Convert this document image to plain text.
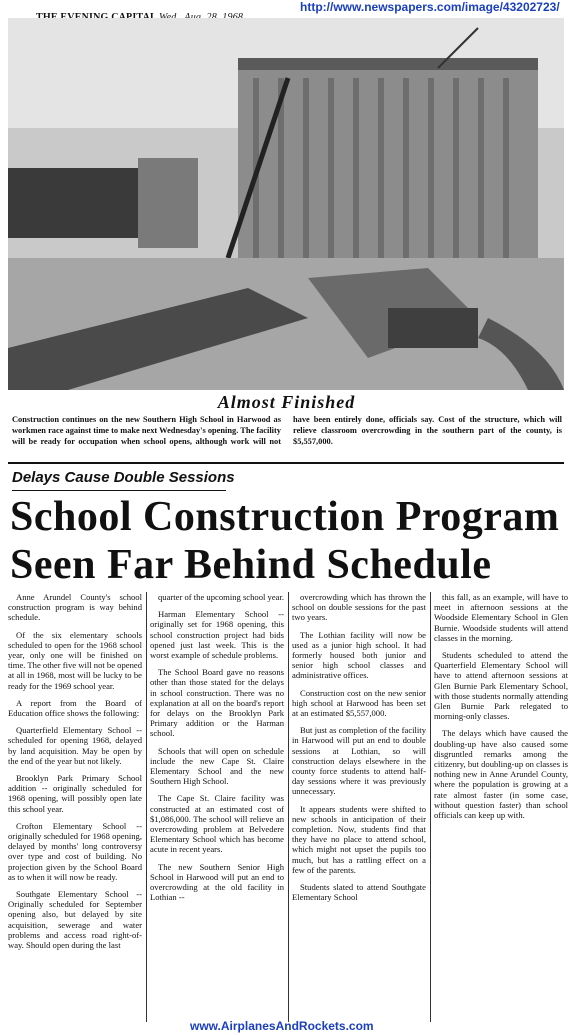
http://www.newspapers.com/image/43202723/
Almost Finished
Construction continues on the new Southern High School in Harwood as workmen race against time to make next Wednesday's opening. The facility will be ready for occupation when school opens, although work will not have been entirely done, officials say. Cost of the structure, which will relieve classroom overcrowding in the southern part of the county, is $5,557,000.
Delays Cause Double Sessions
School Construction Program
Seen Far Behind Schedule

Anne Arundel County's school construction program is way behind schedule.

Of the six elementary schools scheduled to open for the 1968 school year, only one will be finished on time. The other five will not be opened at all in 1968, most will be lucky to be ready for the 1969 school year.

A report from the Board of Education office shows the following:

Quarterfield Elementary School -- scheduled for opening 1968, delayed by land acquisition. May be open by the end of the year but not likely.

Brooklyn Park Primary School addition -- originally scheduled for 1968 opening, will possibly open late this school year.

Crofton Elementary School -- originally scheduled for 1968 opening, delayed by months' long controversy over type and cost of building. No projection given by the School Board as to when it will now be ready.

Southgate Elementary School -- Originally scheduled for September opening also, but delayed by site acquisition, sewerage and water problems and access road right-of-way. Should open during the last

quarter of the upcoming school year.

Harman Elementary School -- originally set for 1968 opening, this school construction project had bids opened just last week. This is the worst example of schedule problems.

The School Board gave no reasons other than those stated for the delays in school construction. There was no explanation at all on the board's report for delays on the Brooklyn Park Primary addition or the Harman school.

Schools that will open on schedule include the new Cape St. Claire Elementary School and the new Southern High School.

The Cape St. Claire facility was constructed at an estimated cost of $1,086,000. The school will relieve an overcrowding problem at Belvedere Elementary School which has become acute in recent years.

The new Southern Senior High School in Harwood will put an end to overcrowding at the old facility in Lothian --

overcrowding which has thrown the school on double sessions for the past two years.

The Lothian facility will now be used as a junior high school. It had formerly housed both junior and senior high school classes and administrative offices.

Construction cost on the new senior high school at Harwood has been set at an estimated $5,557,000.

But just as completion of the facility in Harwood will put an end to double sessions at Lothian, so will construction delays elsewhere in the county force students to attend half-day sessions where it was previously unnecessary.

It appears students were shifted to new schools in anticipation of their completion. Now, students find that they have no place to attend school, which might not upset the pupils too much, but has a rattling effect on a few of the parents.

Students slated to attend Southgate Elementary School

this fall, as an example, will have to meet in afternoon sessions at the Woodside Elementary School in Glen Burnie. Woodside students will attend classes in the morning.

Students scheduled to attend the Quarterfield Elementary School will have to attend afternoon sessions at Glen Burnie Park Elementary School, with those students normally attending Glen Burnie Park relegated to morning-only classes.

The delays which have caused the doubling-up have also caused some disgruntled remarks among the citizenry, but doubling-up on classes is nothing new in Anne Arundel County, where the population is growing at a rate almost faster (in some case, without question faster) than school officials can keep up with.

www.AirplanesAndRockets.com
